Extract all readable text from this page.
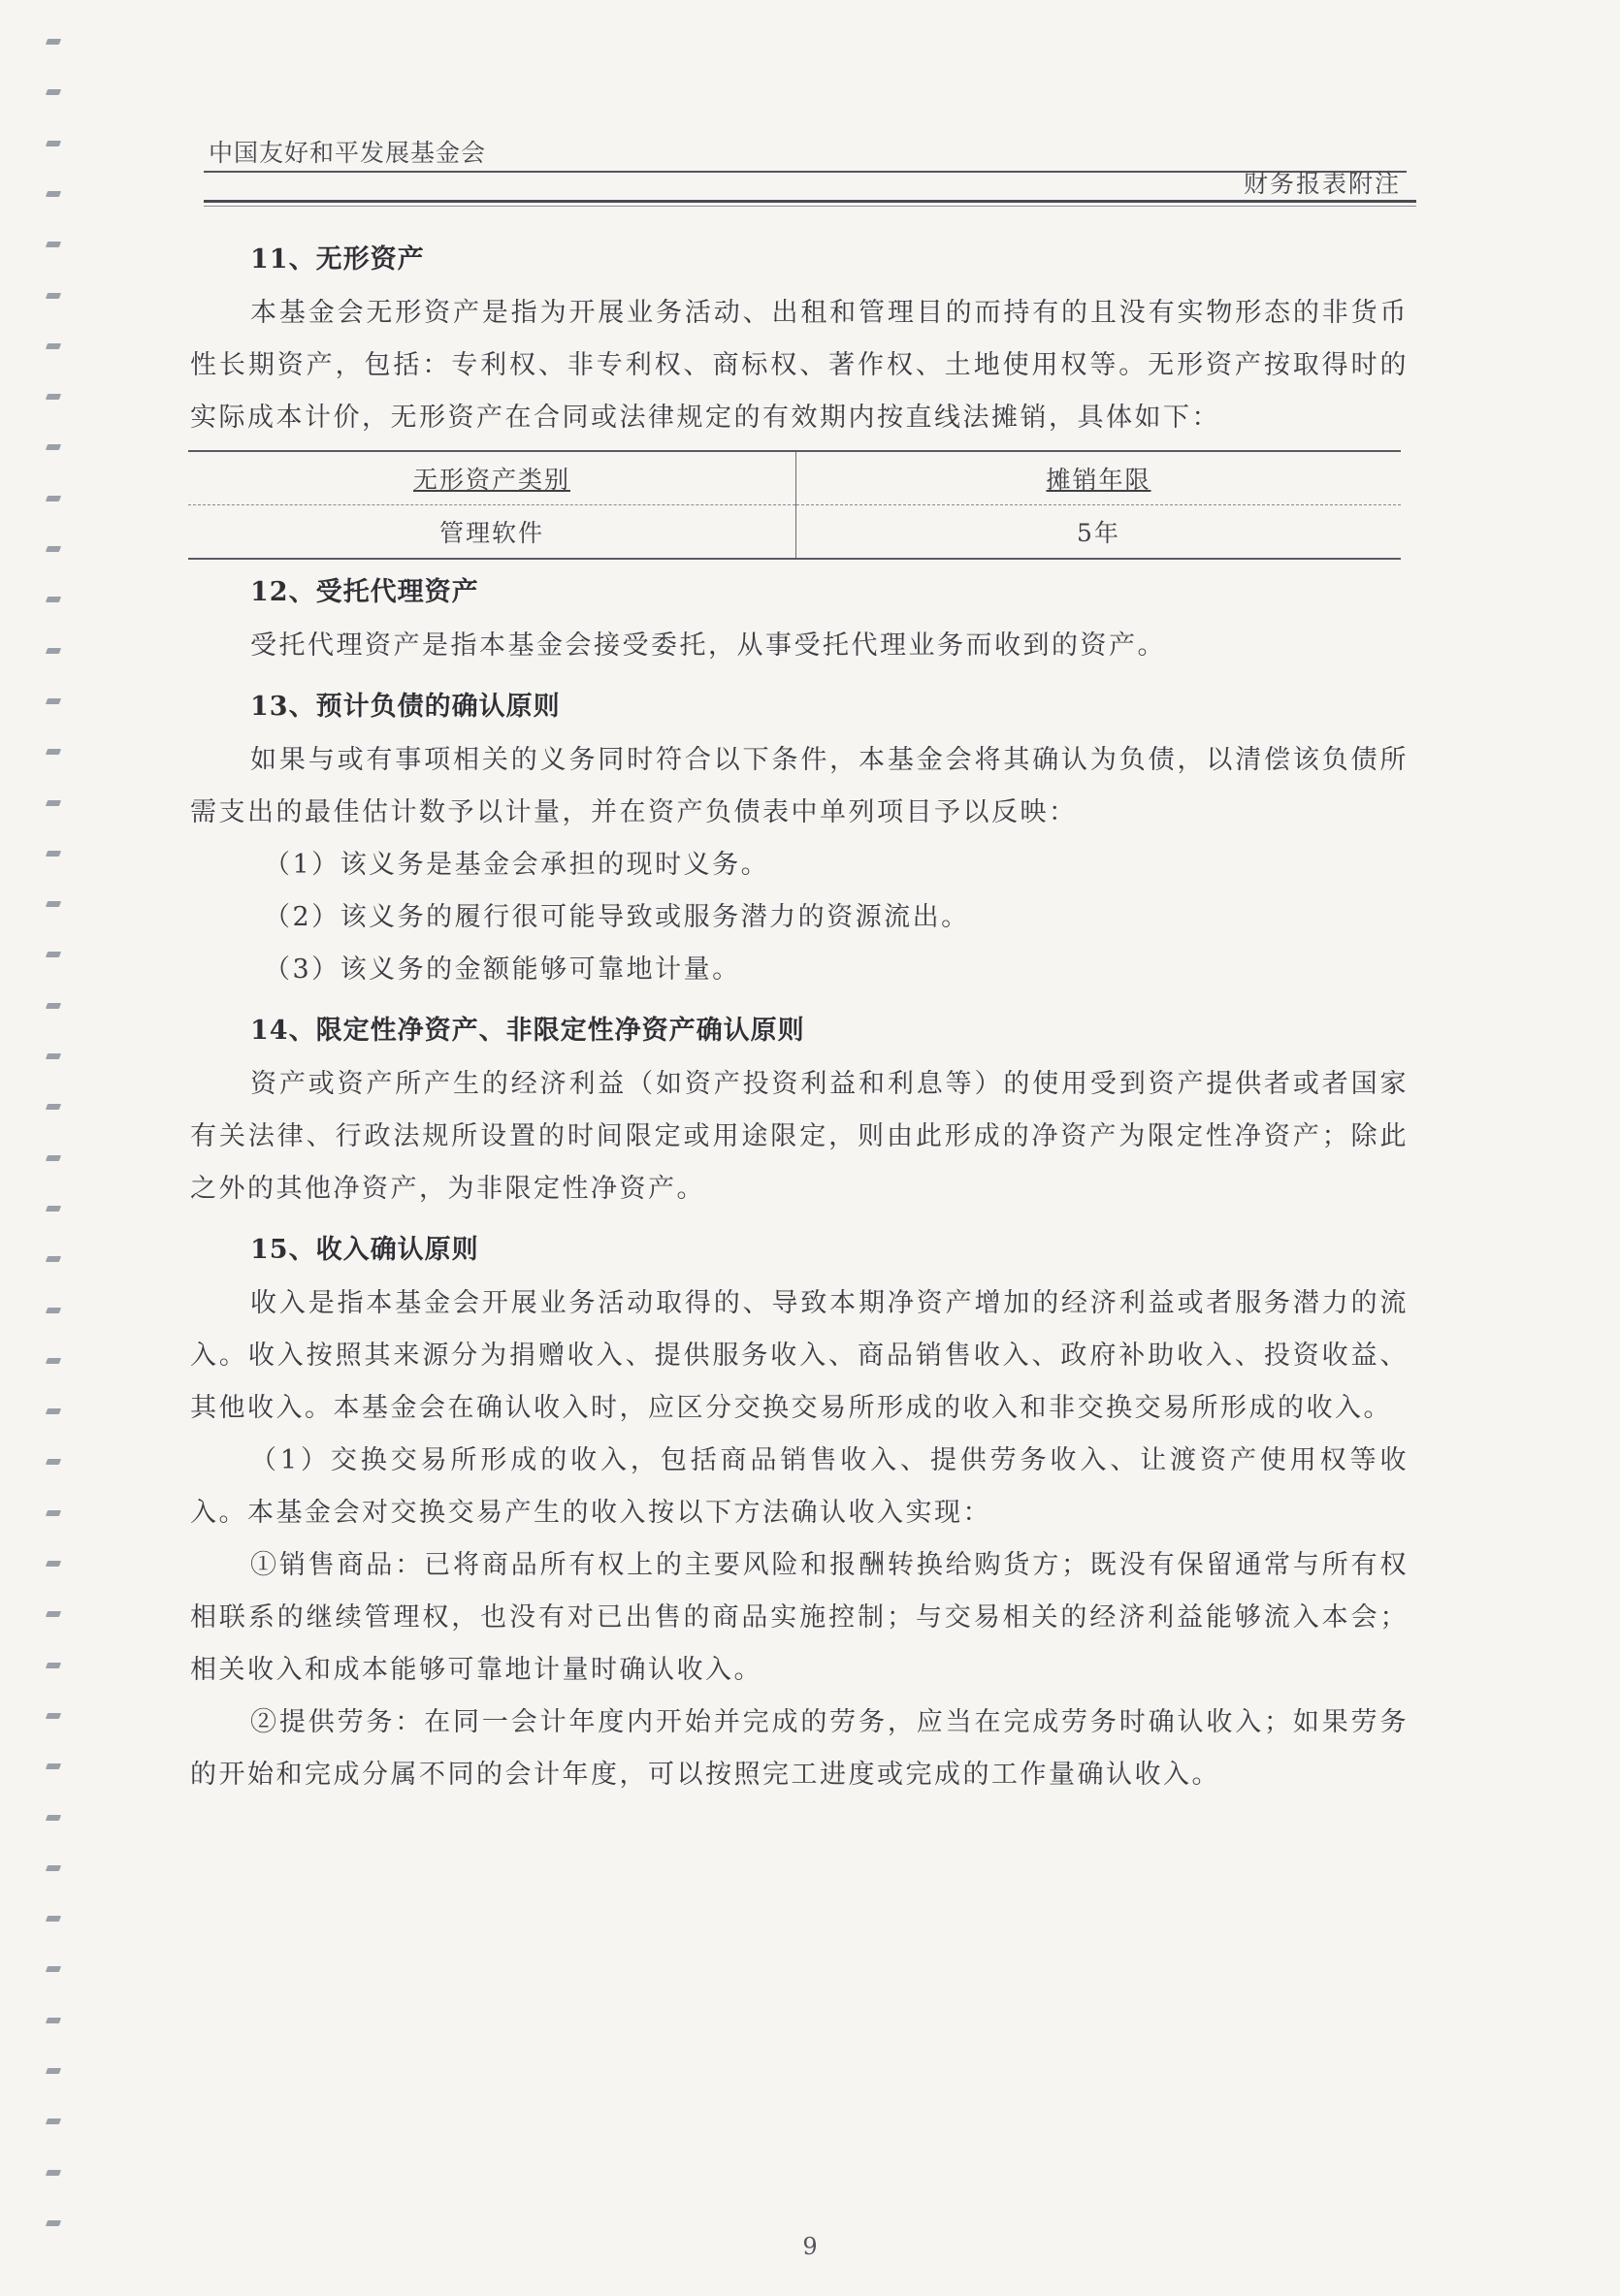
中国友好和平发展基金会
财务报表附注

11、无形资产

本基金会无形资产是指为开展业务活动、出租和管理目的而持有的且没有实物形态的非货币性长期资产，包括：专利权、非专利权、商标权、著作权、土地使用权等。无形资产按取得时的实际成本计价，无形资产在合同或法律规定的有效期内按直线法摊销，具体如下：

无形资产类别	摊销年限
管理软件	5年

12、受托代理资产

受托代理资产是指本基金会接受委托，从事受托代理业务而收到的资产。

13、预计负债的确认原则

如果与或有事项相关的义务同时符合以下条件，本基金会将其确认为负债，以清偿该负债所需支出的最佳估计数予以计量，并在资产负债表中单列项目予以反映：

（1）该义务是基金会承担的现时义务。

（2）该义务的履行很可能导致或服务潜力的资源流出。

（3）该义务的金额能够可靠地计量。

14、限定性净资产、非限定性净资产确认原则

资产或资产所产生的经济利益（如资产投资利益和利息等）的使用受到资产提供者或者国家有关法律、行政法规所设置的时间限定或用途限定，则由此形成的净资产为限定性净资产；除此之外的其他净资产，为非限定性净资产。

15、收入确认原则

收入是指本基金会开展业务活动取得的、导致本期净资产增加的经济利益或者服务潜力的流入。收入按照其来源分为捐赠收入、提供服务收入、商品销售收入、政府补助收入、投资收益、其他收入。本基金会在确认收入时，应区分交换交易所形成的收入和非交换交易所形成的收入。

（1）交换交易所形成的收入，包括商品销售收入、提供劳务收入、让渡资产使用权等收入。本基金会对交换交易产生的收入按以下方法确认收入实现：

①销售商品：已将商品所有权上的主要风险和报酬转换给购货方；既没有保留通常与所有权相联系的继续管理权，也没有对已出售的商品实施控制；与交易相关的经济利益能够流入本会；相关收入和成本能够可靠地计量时确认收入。

②提供劳务：在同一会计年度内开始并完成的劳务，应当在完成劳务时确认收入；如果劳务的开始和完成分属不同的会计年度，可以按照完工进度或完成的工作量确认收入。

9
